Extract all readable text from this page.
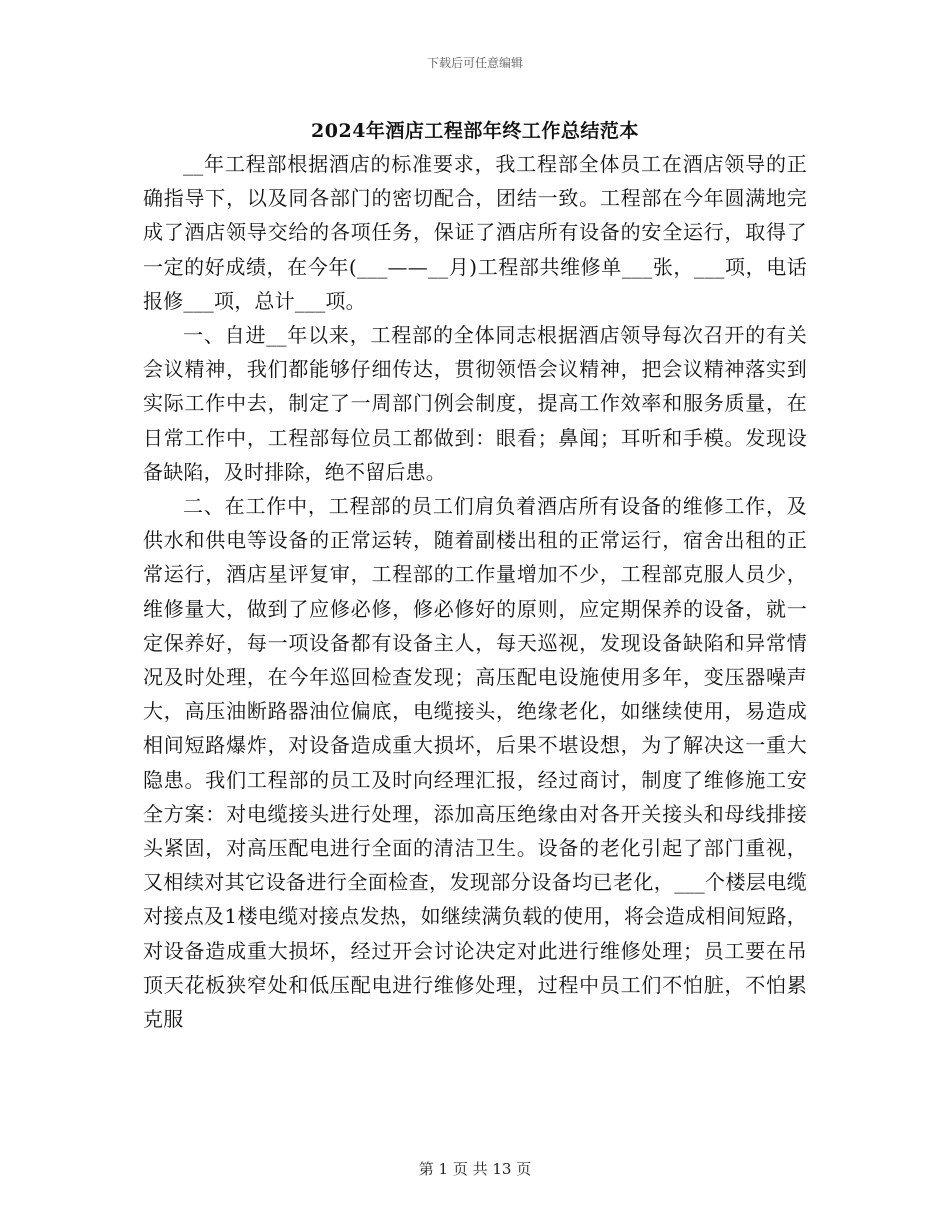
下载后可任意编辑
2024年酒店工程部年终工作总结范本

__年工程部根据酒店的标准要求，我工程部全体员工在酒店领导的正确指导下，以及同各部门的密切配合，团结一致。工程部在今年圆满地完成了酒店领导交给的各项任务，保证了酒店所有设备的安全运行，取得了一定的好成绩，在今年(___——__月)工程部共维修单___张，___项，电话报修___项，总计___项。

一、自进__年以来，工程部的全体同志根据酒店领导每次召开的有关会议精神，我们都能够仔细传达，贯彻领悟会议精神，把会议精神落实到实际工作中去，制定了一周部门例会制度，提高工作效率和服务质量，在日常工作中，工程部每位员工都做到：眼看；鼻闻；耳听和手模。发现设备缺陷，及时排除，绝不留后患。

二、在工作中，工程部的员工们肩负着酒店所有设备的维修工作，及供水和供电等设备的正常运转，随着副楼出租的正常运行，宿舍出租的正常运行，酒店星评复审，工程部的工作量增加不少，工程部克服人员少，维修量大，做到了应修必修，修必修好的原则，应定期保养的设备，就一定保养好，每一项设备都有设备主人，每天巡视，发现设备缺陷和异常情况及时处理，在今年巡回检查发现；高压配电设施使用多年，变压器噪声大，高压油断路器油位偏底，电缆接头，绝缘老化，如继续使用，易造成相间短路爆炸，对设备造成重大损坏，后果不堪设想，为了解决这一重大隐患。我们工程部的员工及时向经理汇报，经过商讨，制度了维修施工安全方案：对电缆接头进行处理，添加高压绝缘由对各开关接头和母线排接头紧固，对高压配电进行全面的清洁卫生。设备的老化引起了部门重视，又相续对其它设备进行全面检查，发现部分设备均已老化，___个楼层电缆对接点及1楼电缆对接点发热，如继续满负载的使用，将会造成相间短路，对设备造成重大损坏，经过开会讨论决定对此进行维修处理；员工要在吊顶天花板狭窄处和低压配电进行维修处理，过程中员工们不怕脏，不怕累克服

第 1 页 共 13 页
